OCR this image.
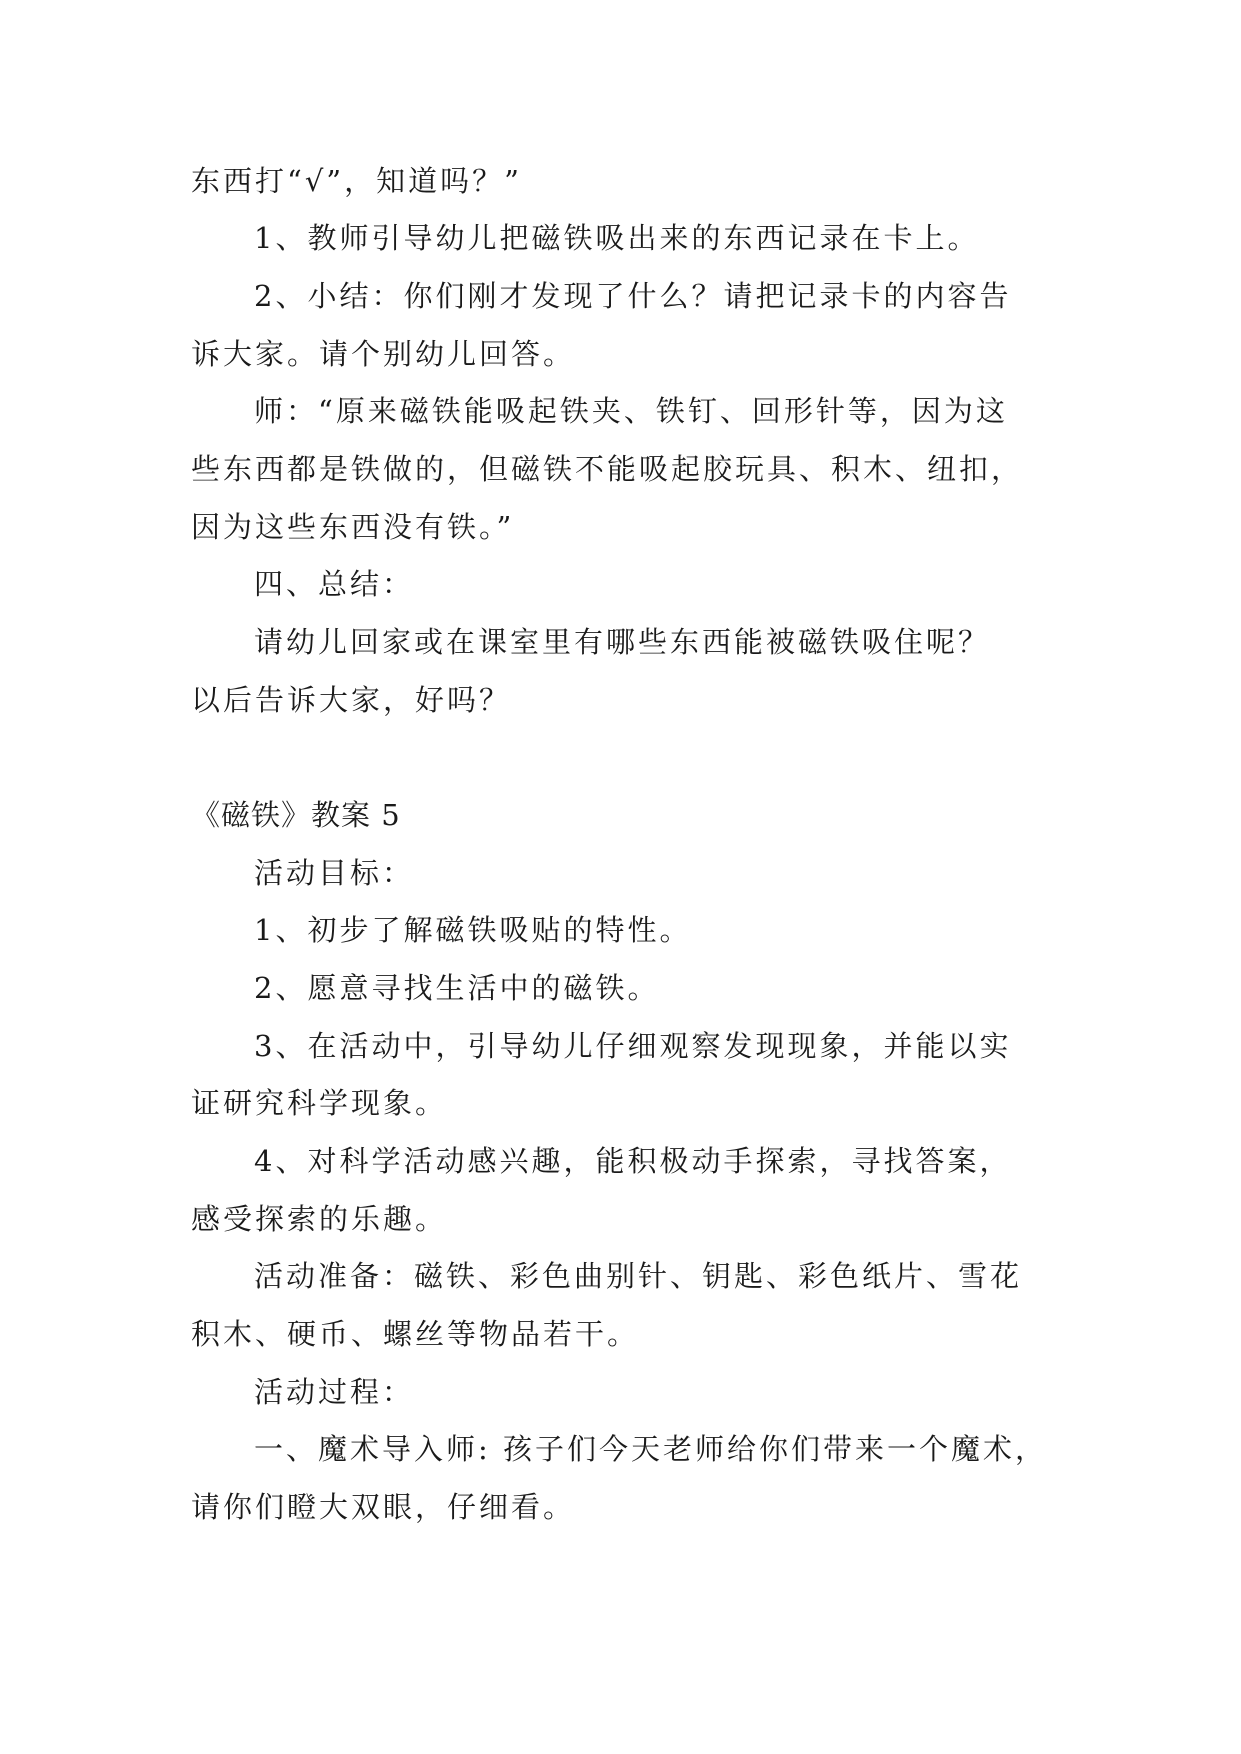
东西打“√”，知道吗？”
1、教师引导幼儿把磁铁吸出来的东西记录在卡上。
2、小结：你们刚才发现了什么？请把记录卡的内容告
诉大家。请个别幼儿回答。
师：“原来磁铁能吸起铁夹、铁钉、回形针等，因为这
些东西都是铁做的，但磁铁不能吸起胶玩具、积木、纽扣，
因为这些东西没有铁。”
四、总结：
请幼儿回家或在课室里有哪些东西能被磁铁吸住呢？
以后告诉大家，好吗？
《磁铁》教案 5
活动目标：
1、初步了解磁铁吸贴的特性。
2、愿意寻找生活中的磁铁。
3、在活动中，引导幼儿仔细观察发现现象，并能以实
证研究科学现象。
4、对科学活动感兴趣，能积极动手探索，寻找答案，
感受探索的乐趣。
活动准备：磁铁、彩色曲别针、钥匙、彩色纸片、雪花
积木、硬币、螺丝等物品若干。
活动过程：
一、魔术导入师: 孩子们今天老师给你们带来一个魔术，
请你们瞪大双眼，仔细看。
